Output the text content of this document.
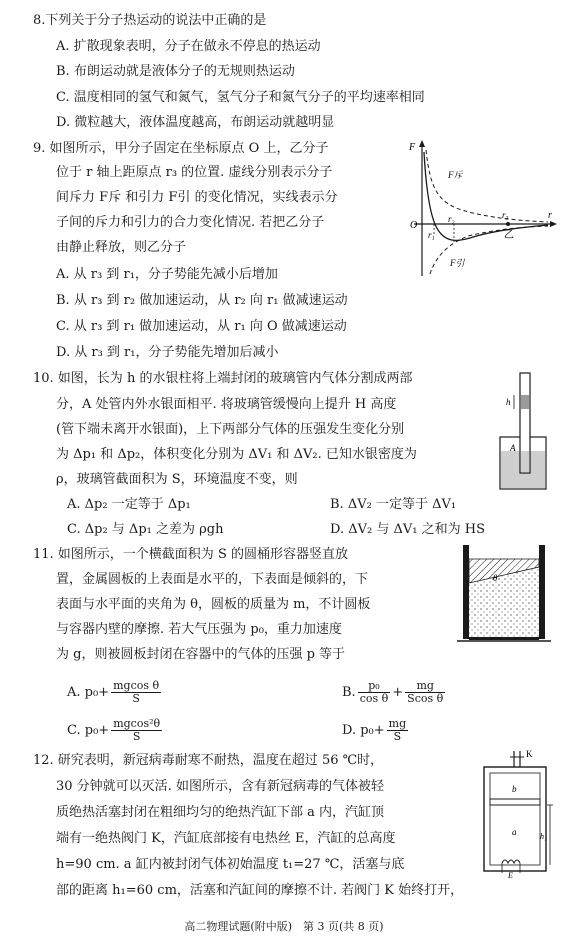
8.下列关于分子热运动的说法中正确的是
A. 扩散现象表明，分子在做永不停息的热运动
B. 布朗运动就是液体分子的无规则热运动
C. 温度相同的氢气和氮气，氢气分子和氮气分子的平均速率相同
D. 微粒越大，液体温度越高，布朗运动就越明显
9. 如图所示，甲分子固定在坐标原点 O 上，乙分子
位于 r 轴上距原点 r₃ 的位置. 虚线分别表示分子
间斥力 F斥 和引力 F引 的变化情况，实线表示分
子间的斥力和引力的合力变化情况. 若把乙分子
由静止释放，则乙分子
A. 从 r₃ 到 r₁，分子势能先减小后增加
B. 从 r₃ 到 r₂ 做加速运动，从 r₂ 向 r₁ 做减速运动
C. 从 r₃ 到 r₁ 做加速运动，从 r₁ 向 O 做减速运动
D. 从 r₃ 到 r₁，分子势能先增加后减小
F
O
r
r₁
r₂	r₃
F斥
F引
乙
10. 如图，长为 h 的水银柱将上端封闭的玻璃管内气体分割成两部
分，A 处管内外水银面相平. 将玻璃管缓慢向上提升 H 高度
(管下端未离开水银面)，上下两部分气体的压强发生变化分别
为 Δp₁ 和 Δp₂，体积变化分别为 ΔV₁ 和 ΔV₂. 已知水银密度为
ρ，玻璃管截面积为 S，环境温度不变，则
A. Δp₂ 一定等于 Δp₁	B. ΔV₂ 一定等于 ΔV₁
C. Δp₂ 与 Δp₁ 之差为 ρgh	D. ΔV₂ 与 ΔV₁ 之和为 HS
h
A
11. 如图所示，一个横截面积为 S 的圆桶形容器竖直放
置，金属圆板的上表面是水平的，下表面是倾斜的，下
表面与水平面的夹角为 θ，圆板的质量为 m，不计圆板
与容器内壁的摩擦. 若大气压强为 p₀，重力加速度
为 g，则被圆板封闭在容器中的气体的压强 p 等于
A. $p_0+ \frac{\text{mgcos θ}}{S}$	B. $\frac{\text{p₀}}{\text{cos θ}} + \frac{mg}{\text{Scos θ}}$
C. $p_0+ \frac{\text{mgcos²θ}}{S}$	D. $p_0+ \frac{mg}{S}$
θ
12. 研究表明，新冠病毒耐寒不耐热，温度在超过 56 ℃时，
30 分钟就可以灭活. 如图所示，含有新冠病毒的气体被轻
质绝热活塞封闭在粗细均匀的绝热汽缸下部 a 内，汽缸顶
端有一绝热阀门 K，汽缸底部接有电热丝 E，汽缸的总高度
h=90 cm. a 缸内被封闭气体初始温度 t₁=27 ℃，活塞与底
部的距离 h₁=60 cm，活塞和汽缸间的摩擦不计. 若阀门 K 始终打开，
K
b
a	h₁
E
高二物理试题(附中版)　第 3 页(共 8 页)
